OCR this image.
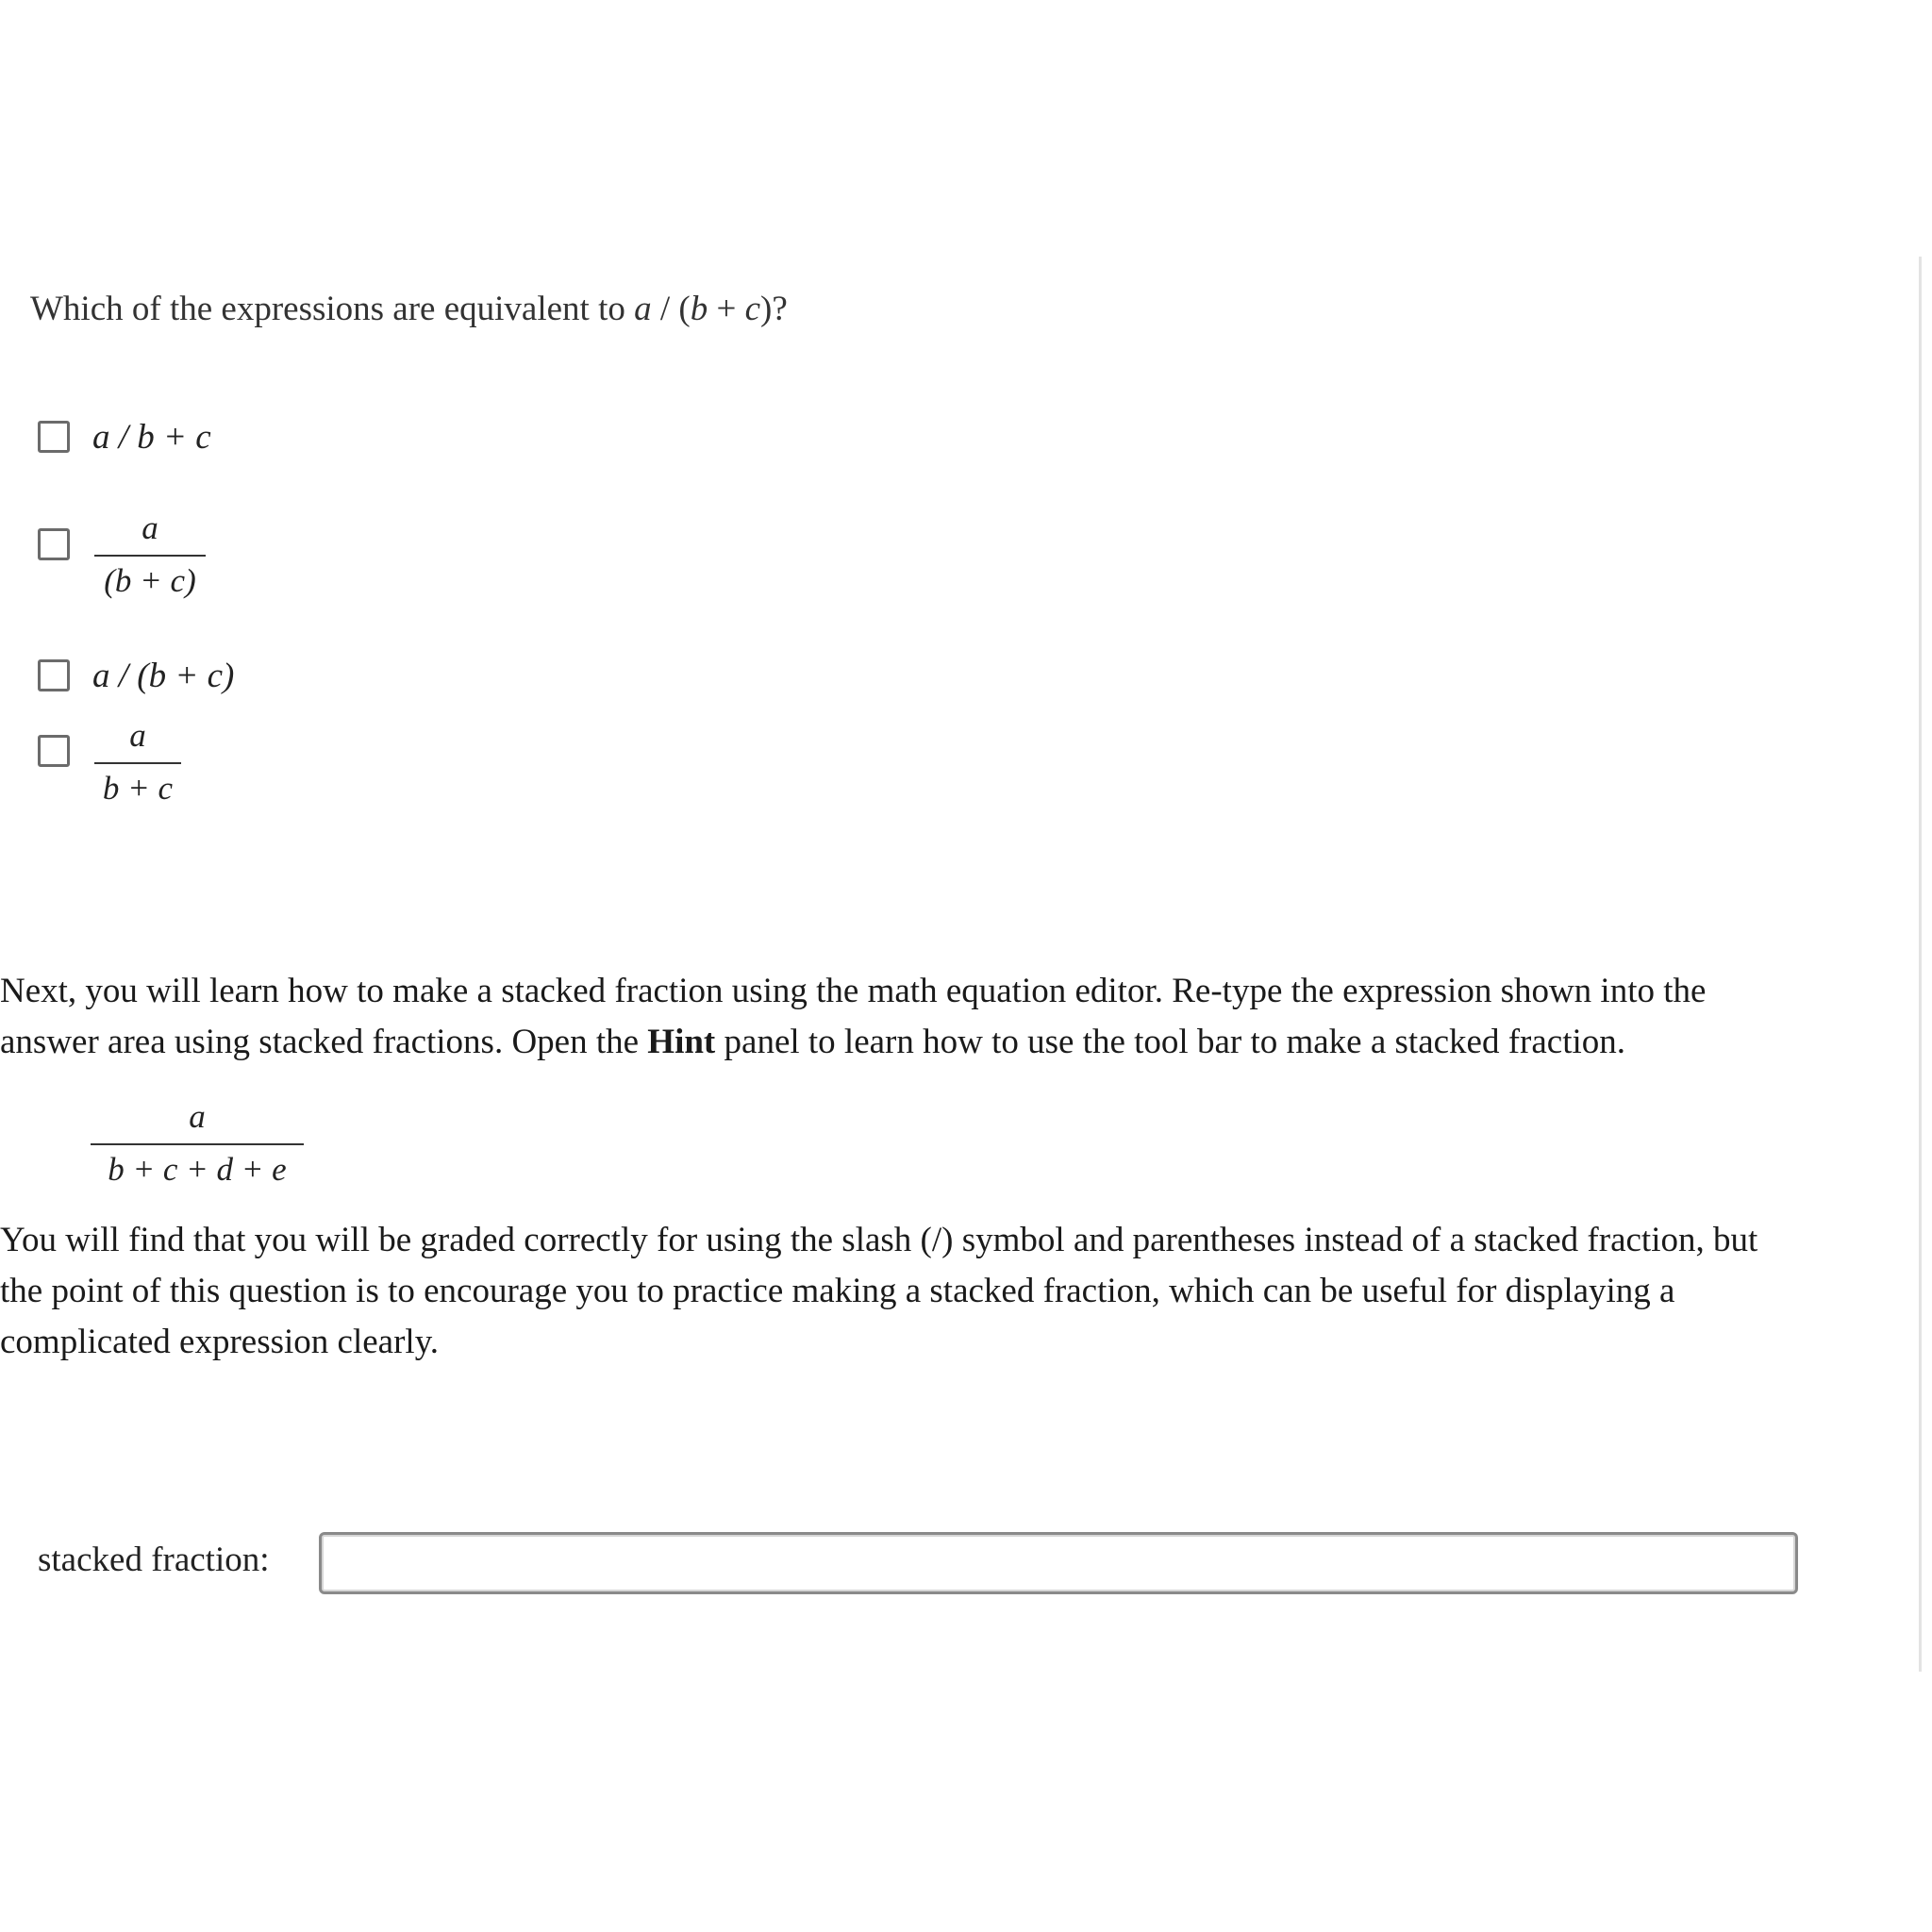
Which of the expressions are equivalent to a / (b + c)?
a / b + c
a
(b + c)
a / (b + c)
a
b + c
Next, you will learn how to make a stacked fraction using the math equation editor. Re-type the expression shown into the
answer area using stacked fractions. Open the Hint panel to learn how to use the tool bar to make a stacked fraction.
a
b + c + d + e
You will find that you will be graded correctly for using the slash (/) symbol and parentheses instead of a stacked fraction, but
the point of this question is to encourage you to practice making a stacked fraction, which can be useful for displaying a
complicated expression clearly.
stacked fraction:
